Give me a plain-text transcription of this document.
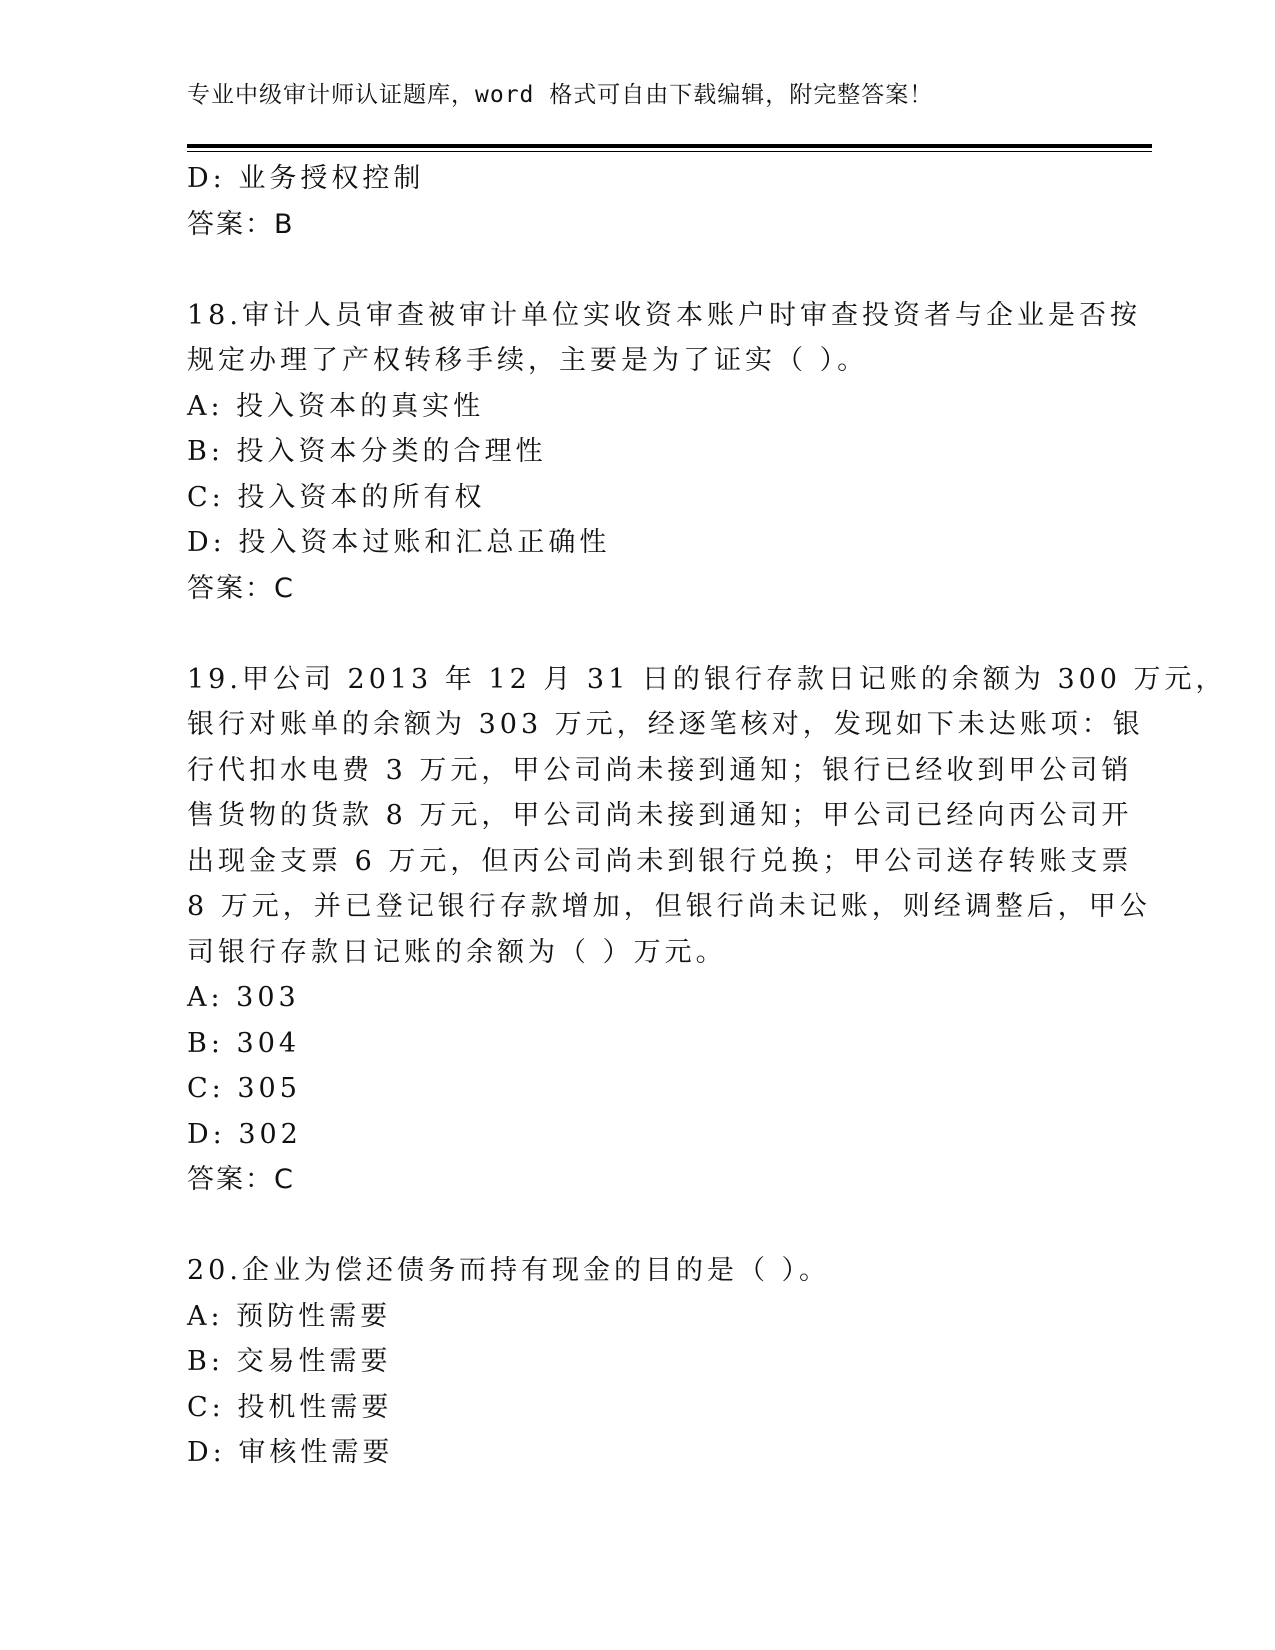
专业中级审计师认证题库，word 格式可自由下载编辑，附完整答案！
D: 业务授权控制
答案：B
18.审计人员审查被审计单位实收资本账户时审查投资者与企业是否按
规定办理了产权转移手续，主要是为了证实（ ）。
A: 投入资本的真实性
B: 投入资本分类的合理性
C: 投入资本的所有权
D: 投入资本过账和汇总正确性
答案：C
19.甲公司 2013 年 12 月 31 日的银行存款日记账的余额为 300 万元，
银行对账单的余额为 303 万元，经逐笔核对，发现如下未达账项：银
行代扣水电费 3 万元，甲公司尚未接到通知；银行已经收到甲公司销
售货物的货款 8 万元，甲公司尚未接到通知；甲公司已经向丙公司开
出现金支票 6 万元，但丙公司尚未到银行兑换；甲公司送存转账支票
8 万元，并已登记银行存款增加，但银行尚未记账，则经调整后，甲公
司银行存款日记账的余额为（ ）万元。
A: 303
B: 304
C: 305
D: 302
答案：C
20.企业为偿还债务而持有现金的目的是（ ）。
A: 预防性需要
B: 交易性需要
C: 投机性需要
D: 审核性需要
